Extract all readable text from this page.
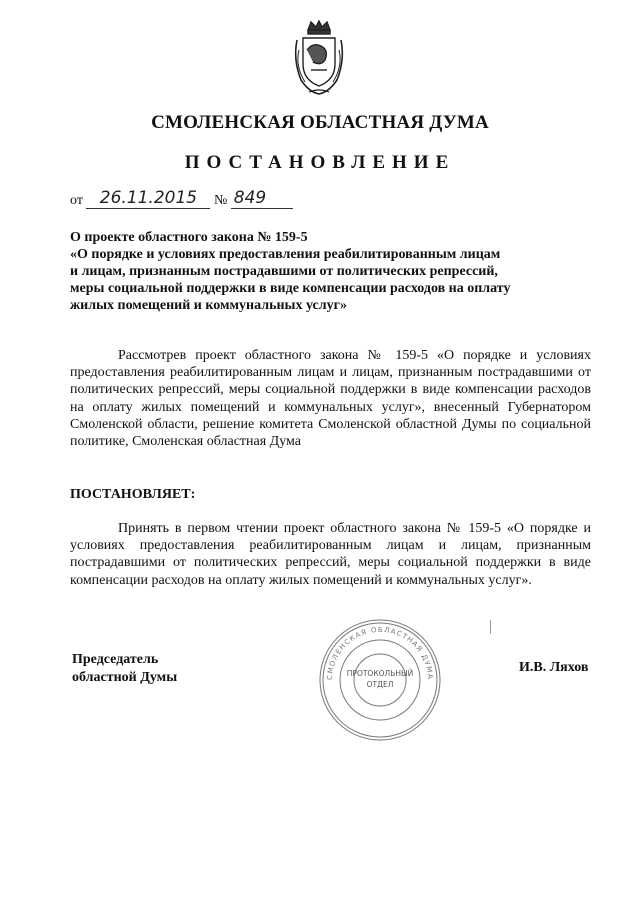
СМОЛЕНСКАЯ ОБЛАСТНАЯ ДУМА
ПОСТАНОВЛЕНИЕ
от 26.11.2015 № 849
О проекте областного закона № 159-5
«О порядке и условиях предоставления реабилитированным лицам
и лицам, признанным пострадавшими от политических репрессий,
меры социальной поддержки в виде компенсации расходов на оплату
жилых помещений и коммунальных услуг»
Рассмотрев проект областного закона № 159-5 «О порядке и условиях предоставления реабилитированным лицам и лицам, признанным пострадавшими от политических репрессий, меры социальной поддержки в виде компенсации расходов на оплату жилых помещений и коммунальных услуг», внесенный Губернатором Смоленской области, решение комитета Смоленской областной Думы по социальной политике, Смоленская областная Дума
ПОСТАНОВЛЯЕТ:
Принять в первом чтении проект областного закона № 159-5 «О порядке и условиях предоставления реабилитированным лицам и лицам, признанным пострадавшими от политических репрессий, меры социальной поддержки в виде компенсации расходов на оплату жилых помещений и коммунальных услуг».
СМОЛЕНСКАЯ ОБЛАСТНАЯ ДУМА
ПРОТОКОЛЬНЫЙ
ОТДЕЛ
Председатель
областной Думы
И.В. Ляхов
